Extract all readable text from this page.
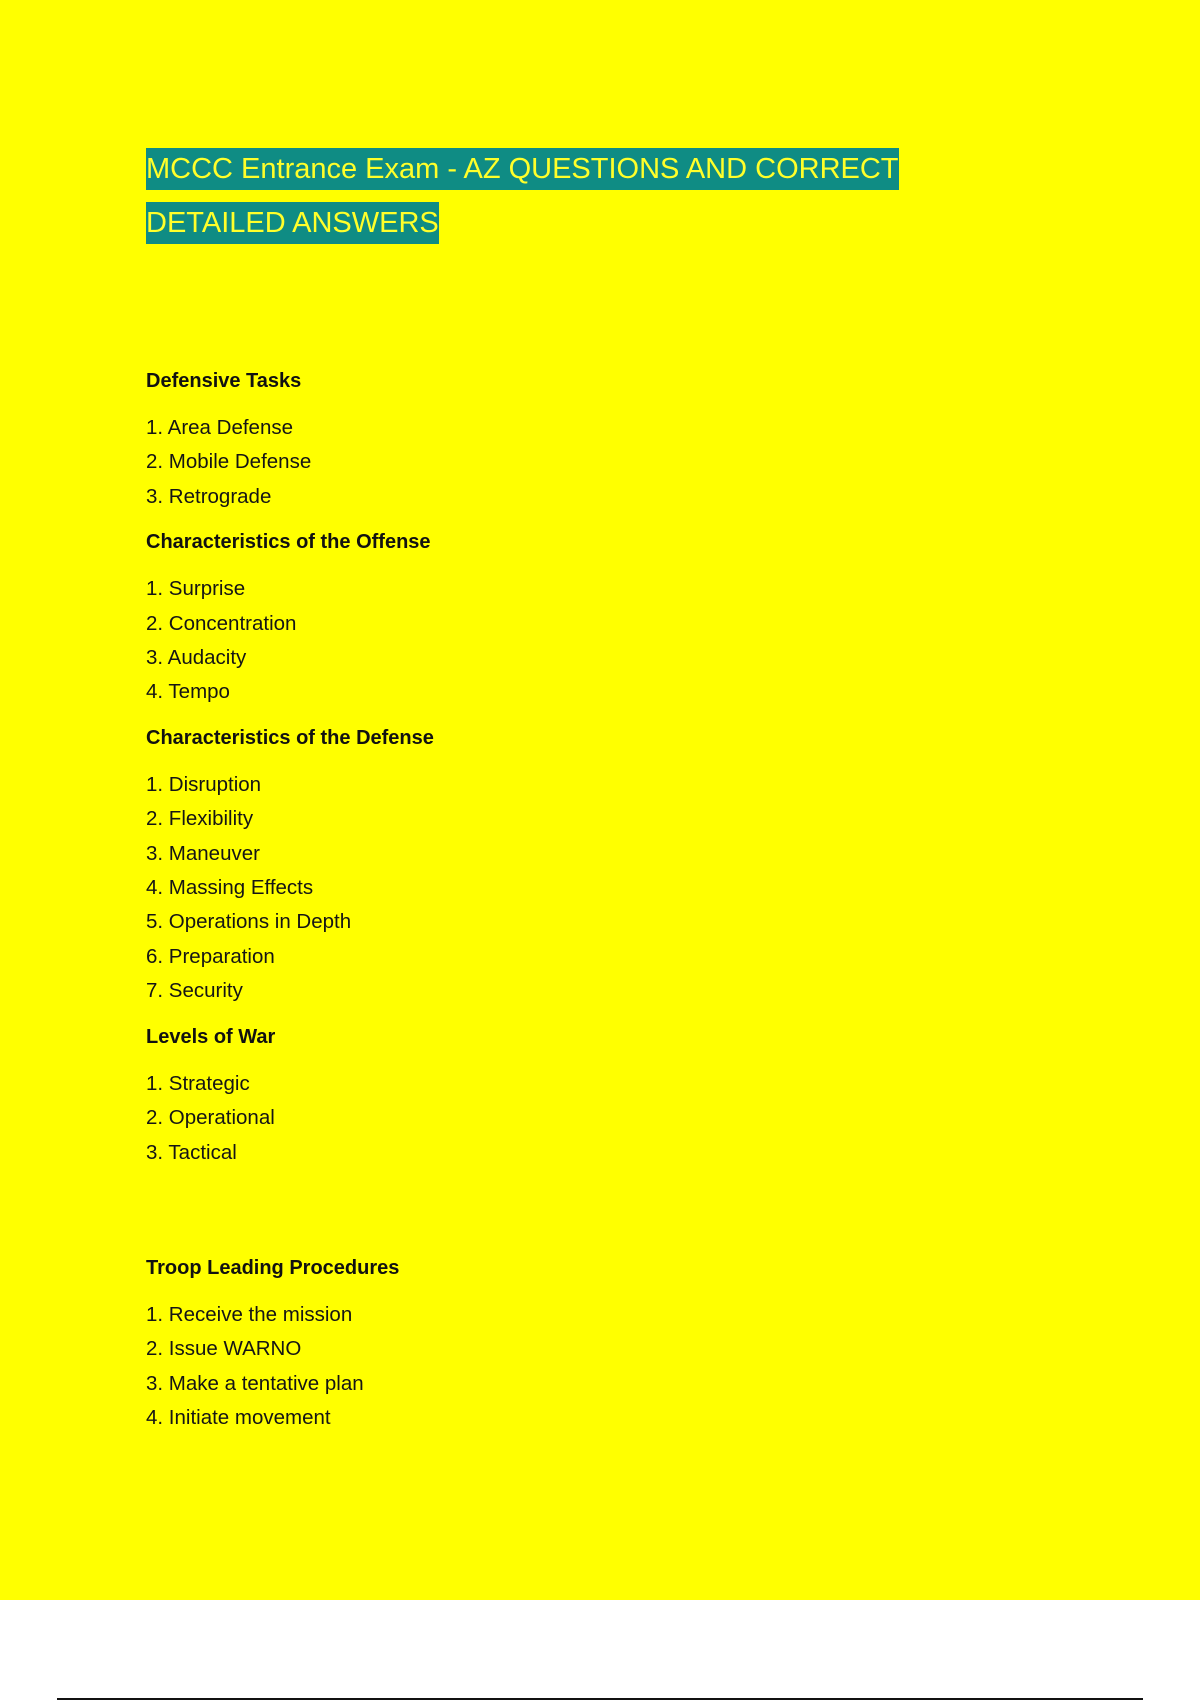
MCCC Entrance Exam - AZ QUESTIONS AND CORRECT
DETAILED ANSWERS
Defensive Tasks
1. Area Defense
2. Mobile Defense
3. Retrograde
Characteristics of the Offense
1. Surprise
2. Concentration
3. Audacity
4. Tempo
Characteristics of the Defense
1. Disruption
2. Flexibility
3. Maneuver
4. Massing Effects
5. Operations in Depth
6. Preparation
7. Security
Levels of War
1. Strategic
2. Operational
3. Tactical
Troop Leading Procedures
1. Receive the mission
2. Issue WARNO
3. Make a tentative plan
4. Initiate movement
